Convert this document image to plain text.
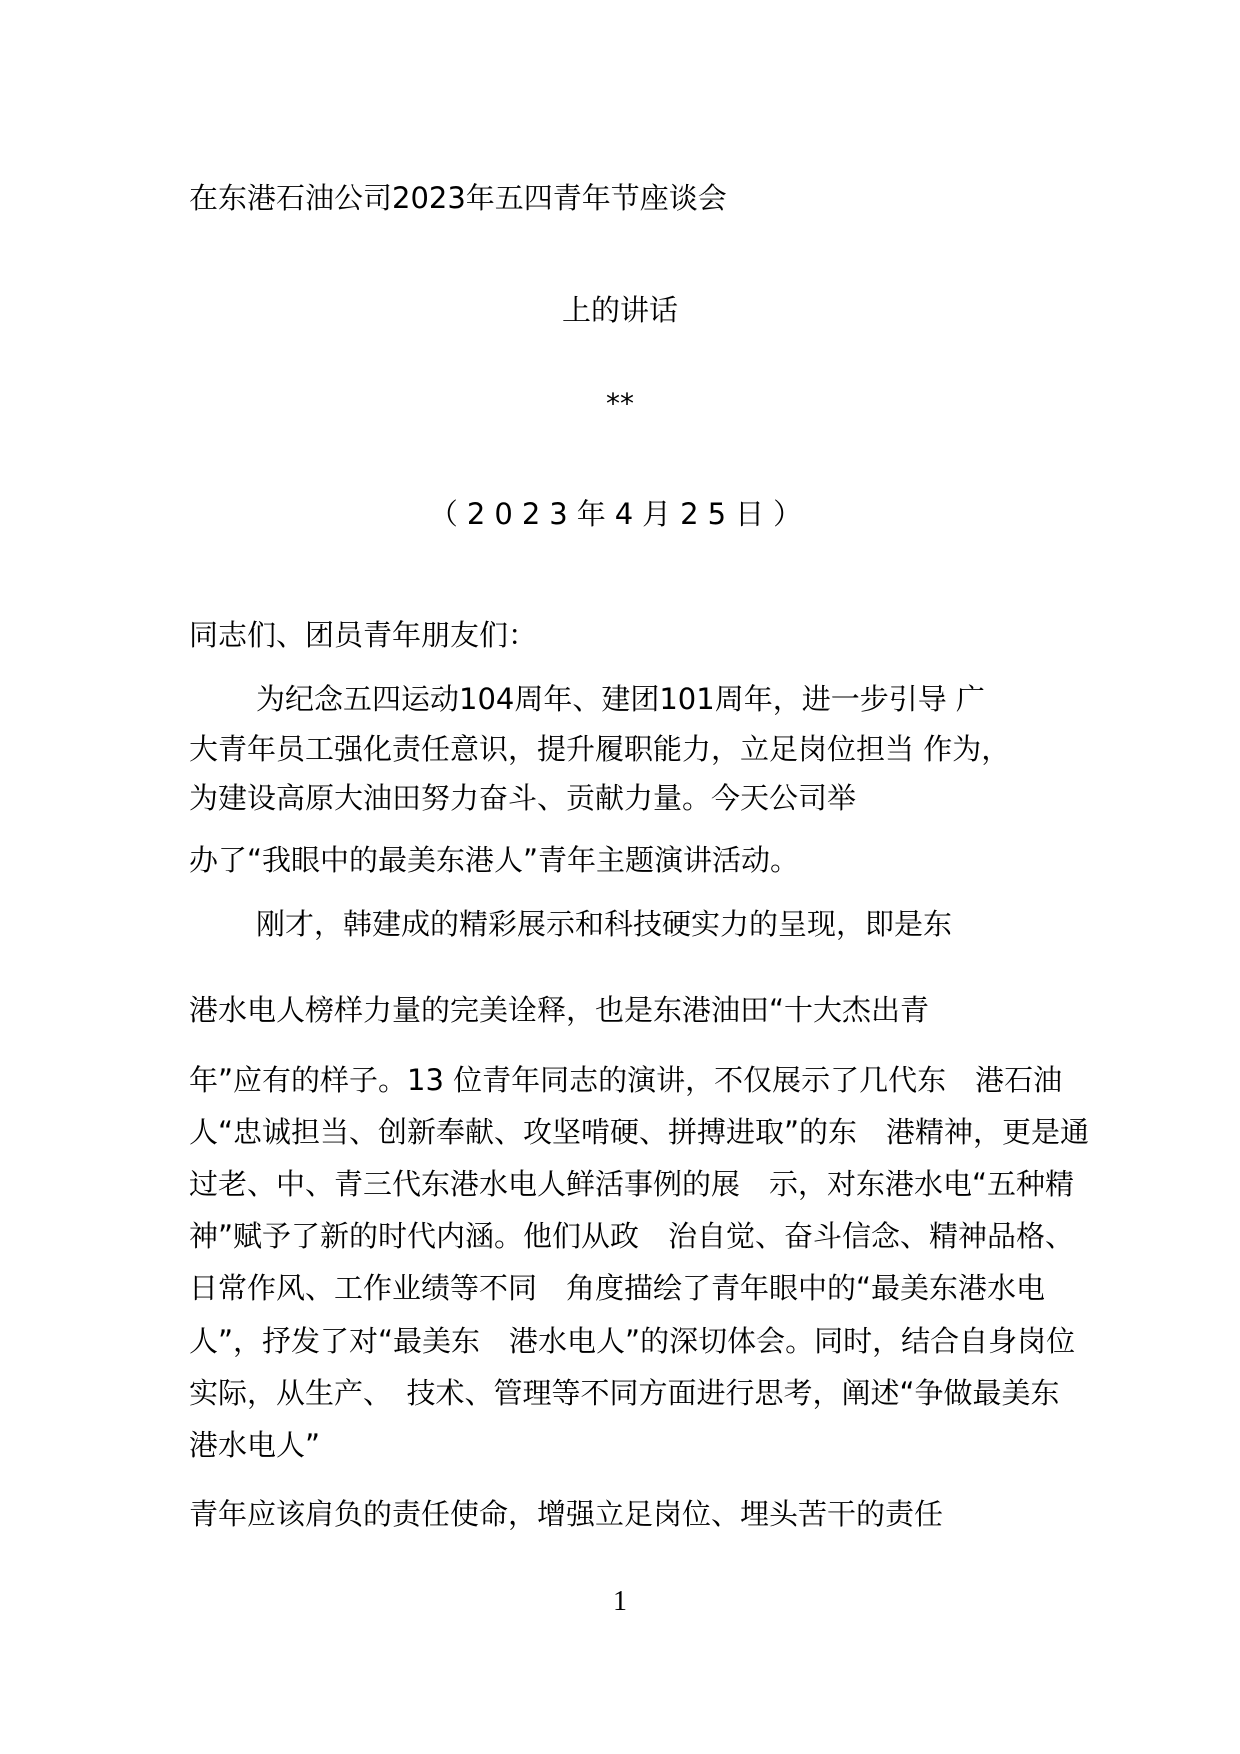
在东港石油公司2023年五四青年节座谈会
上的讲话
**
（2023年4月25日）
同志们、团员青年朋友们：
为纪念五四运动104周年、建团101周年，进一步引导 广
大青年员工强化责任意识，提升履职能力，立足岗位担当 作为，
为建设高原大油田努力奋斗、贡献力量。今天公司举
办了“我眼中的最美东港人”青年主题演讲活动。
刚才，韩建成的精彩展示和科技硬实力的呈现，即是东
港水电人榜样力量的完美诠释，也是东港油田“十大杰出青
年”应有的样子。13 位青年同志的演讲，不仅展示了几代东　港石油
人“忠诚担当、创新奉献、攻坚啃硬、拼搏进取”的东　港精神，更是通
过老、中、青三代东港水电人鲜活事例的展　示，对东港水电“五种精
神”赋予了新的时代内涵。他们从政　治自觉、奋斗信念、精神品格、
日常作风、工作业绩等不同　角度描绘了青年眼中的“最美东港水电
人”，抒发了对“最美东　港水电人”的深切体会。同时，结合自身岗位
实际，从生产、　技术、管理等不同方面进行思考，阐述“争做最美东
港水电人”
青年应该肩负的责任使命，增强立足岗位、埋头苦干的责任
1
